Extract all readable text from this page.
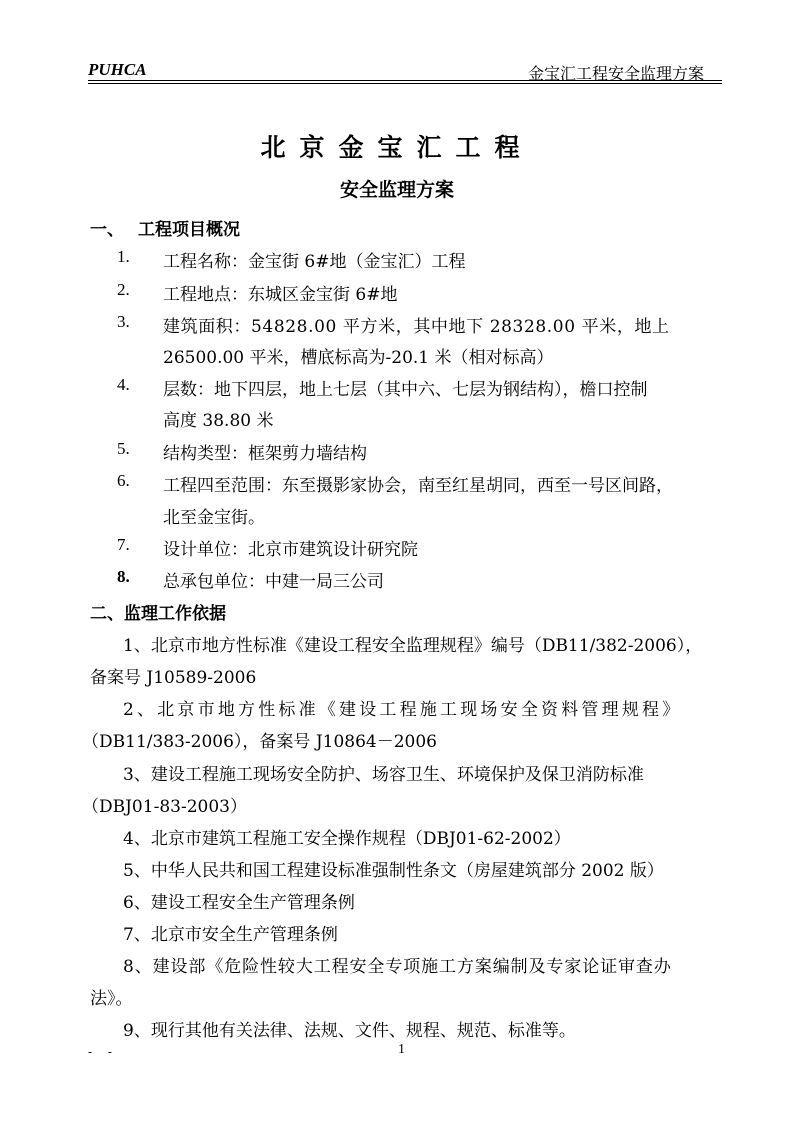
PUHCA	金宝汇工程安全监理方案
北京金宝汇工程
安全监理方案
一、 工程项目概况
1. 工程名称：金宝街 6#地（金宝汇）工程
2. 工程地点：东城区金宝街 6#地
3. 建筑面积：54828.00 平方米，其中地下 28328.00 平米，地上
26500.00 平米，槽底标高为-20.1 米（相对标高）
4. 层数：地下四层，地上七层（其中六、七层为钢结构），檐口控制
高度 38.80 米
5. 结构类型：框架剪力墙结构
6. 工程四至范围：东至摄影家协会，南至红星胡同，西至一号区间路，
北至金宝街。
7. 设计单位：北京市建筑设计研究院
8. 总承包单位：中建一局三公司
二、监理工作依据
1、北京市地方性标准《建设工程安全监理规程》编号（DB11/382-2006），
备案号 J10589-2006
2、北京市地方性标准《建设工程施工现场安全资料管理规程》
（DB11/383-2006），备案号 J10864－2006
3、建设工程施工现场安全防护、场容卫生、环境保护及保卫消防标准
（DBJ01-83-2003）
4、北京市建筑工程施工安全操作规程（DBJ01-62-2002）
5、中华人民共和国工程建设标准强制性条文（房屋建筑部分 2002 版）
6、建设工程安全生产管理条例
7、北京市安全生产管理条例
8、建设部《危险性较大工程安全专项施工方案编制及专家论证审查办
法》。
9、现行其他有关法律、法规、文件、规程、规范、标准等。
- -	1
